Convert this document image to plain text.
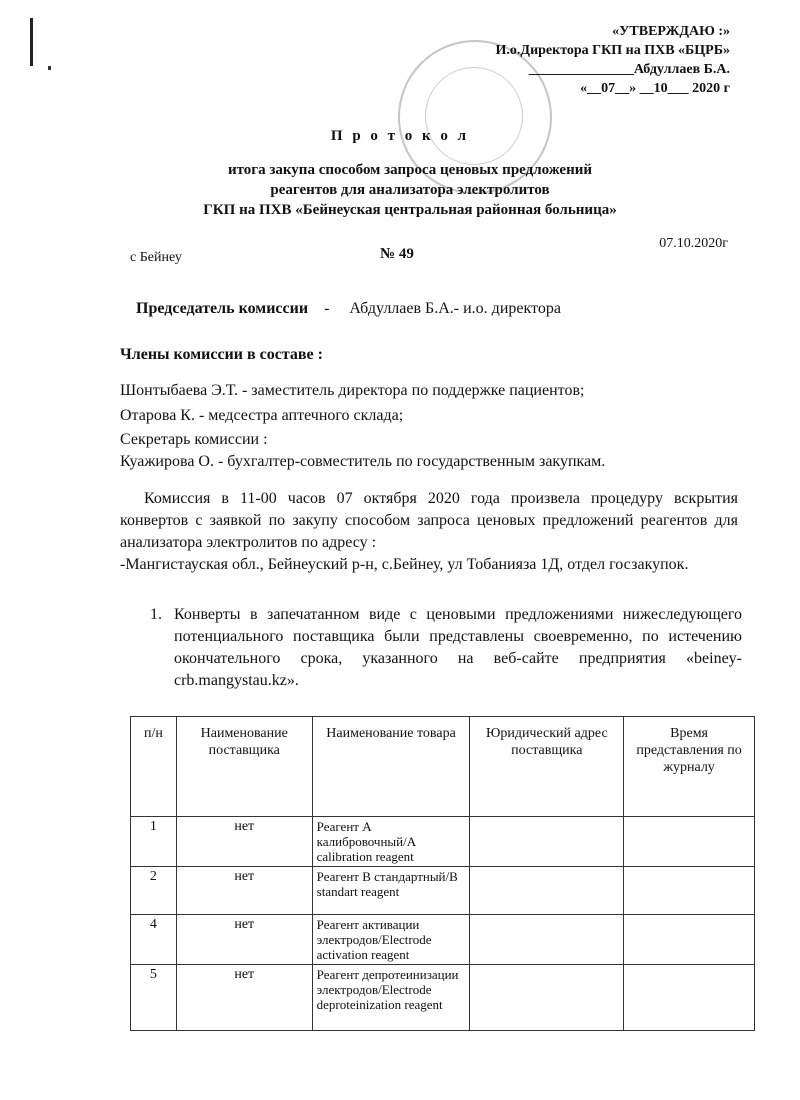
«УТВЕРЖДАЮ :»
И.о.Директора ГКП на ПХВ «БЦРБ»
_______________Абдуллаев Б.А.
«__07__» __10___ 2020 г
П р о т о к о л
итога закупа способом запроса ценовых предложений
реагентов для анализатора электролитов
ГКП на ПХВ «Бейнеуская центральная районная больница»
с Бейнеу	№ 49
07.10.2020г
Председатель комиссии - Абдуллаев Б.А.- и.о. директора
Члены комиссии в составе :
Шонтыбаева Э.Т. - заместитель директора по поддержке пациентов;
Отарова К. - медсестра аптечного склада;
Секретарь комиссии :
Куажирова О. - бухгалтер-совместитель по государственным закупкам.
Комиссия в 11-00 часов 07 октября 2020 года произвела процедуру вскрытия конвертов с заявкой по закупу способом запроса ценовых предложений реагентов для анализатора электролитов по адресу :
-Мангистауская обл., Бейнеуский р-н, с.Бейнеу, ул Тобанияза 1Д, отдел госзакупок.
1. Конверты в запечатанном виде с ценовыми предложениями нижеследующего потенциального поставщика были представлены своевременно, по истечению окончательного срока, указанного на веб-сайте предприятия «beiney-crb.mangystau.kz».
п/н	Наименование поставщика	Наименование товара	Юридический адрес поставщика	Время представления по журналу
1	нет	Реагент А калибровочный/A calibration reagent		
2	нет	Реагент В стандартный/B standart reagent		
4	нет	Реагент активации электродов/Electrode activation reagent		
5	нет	Реагент депротеинизации электродов/Electrode deproteinization reagent		
